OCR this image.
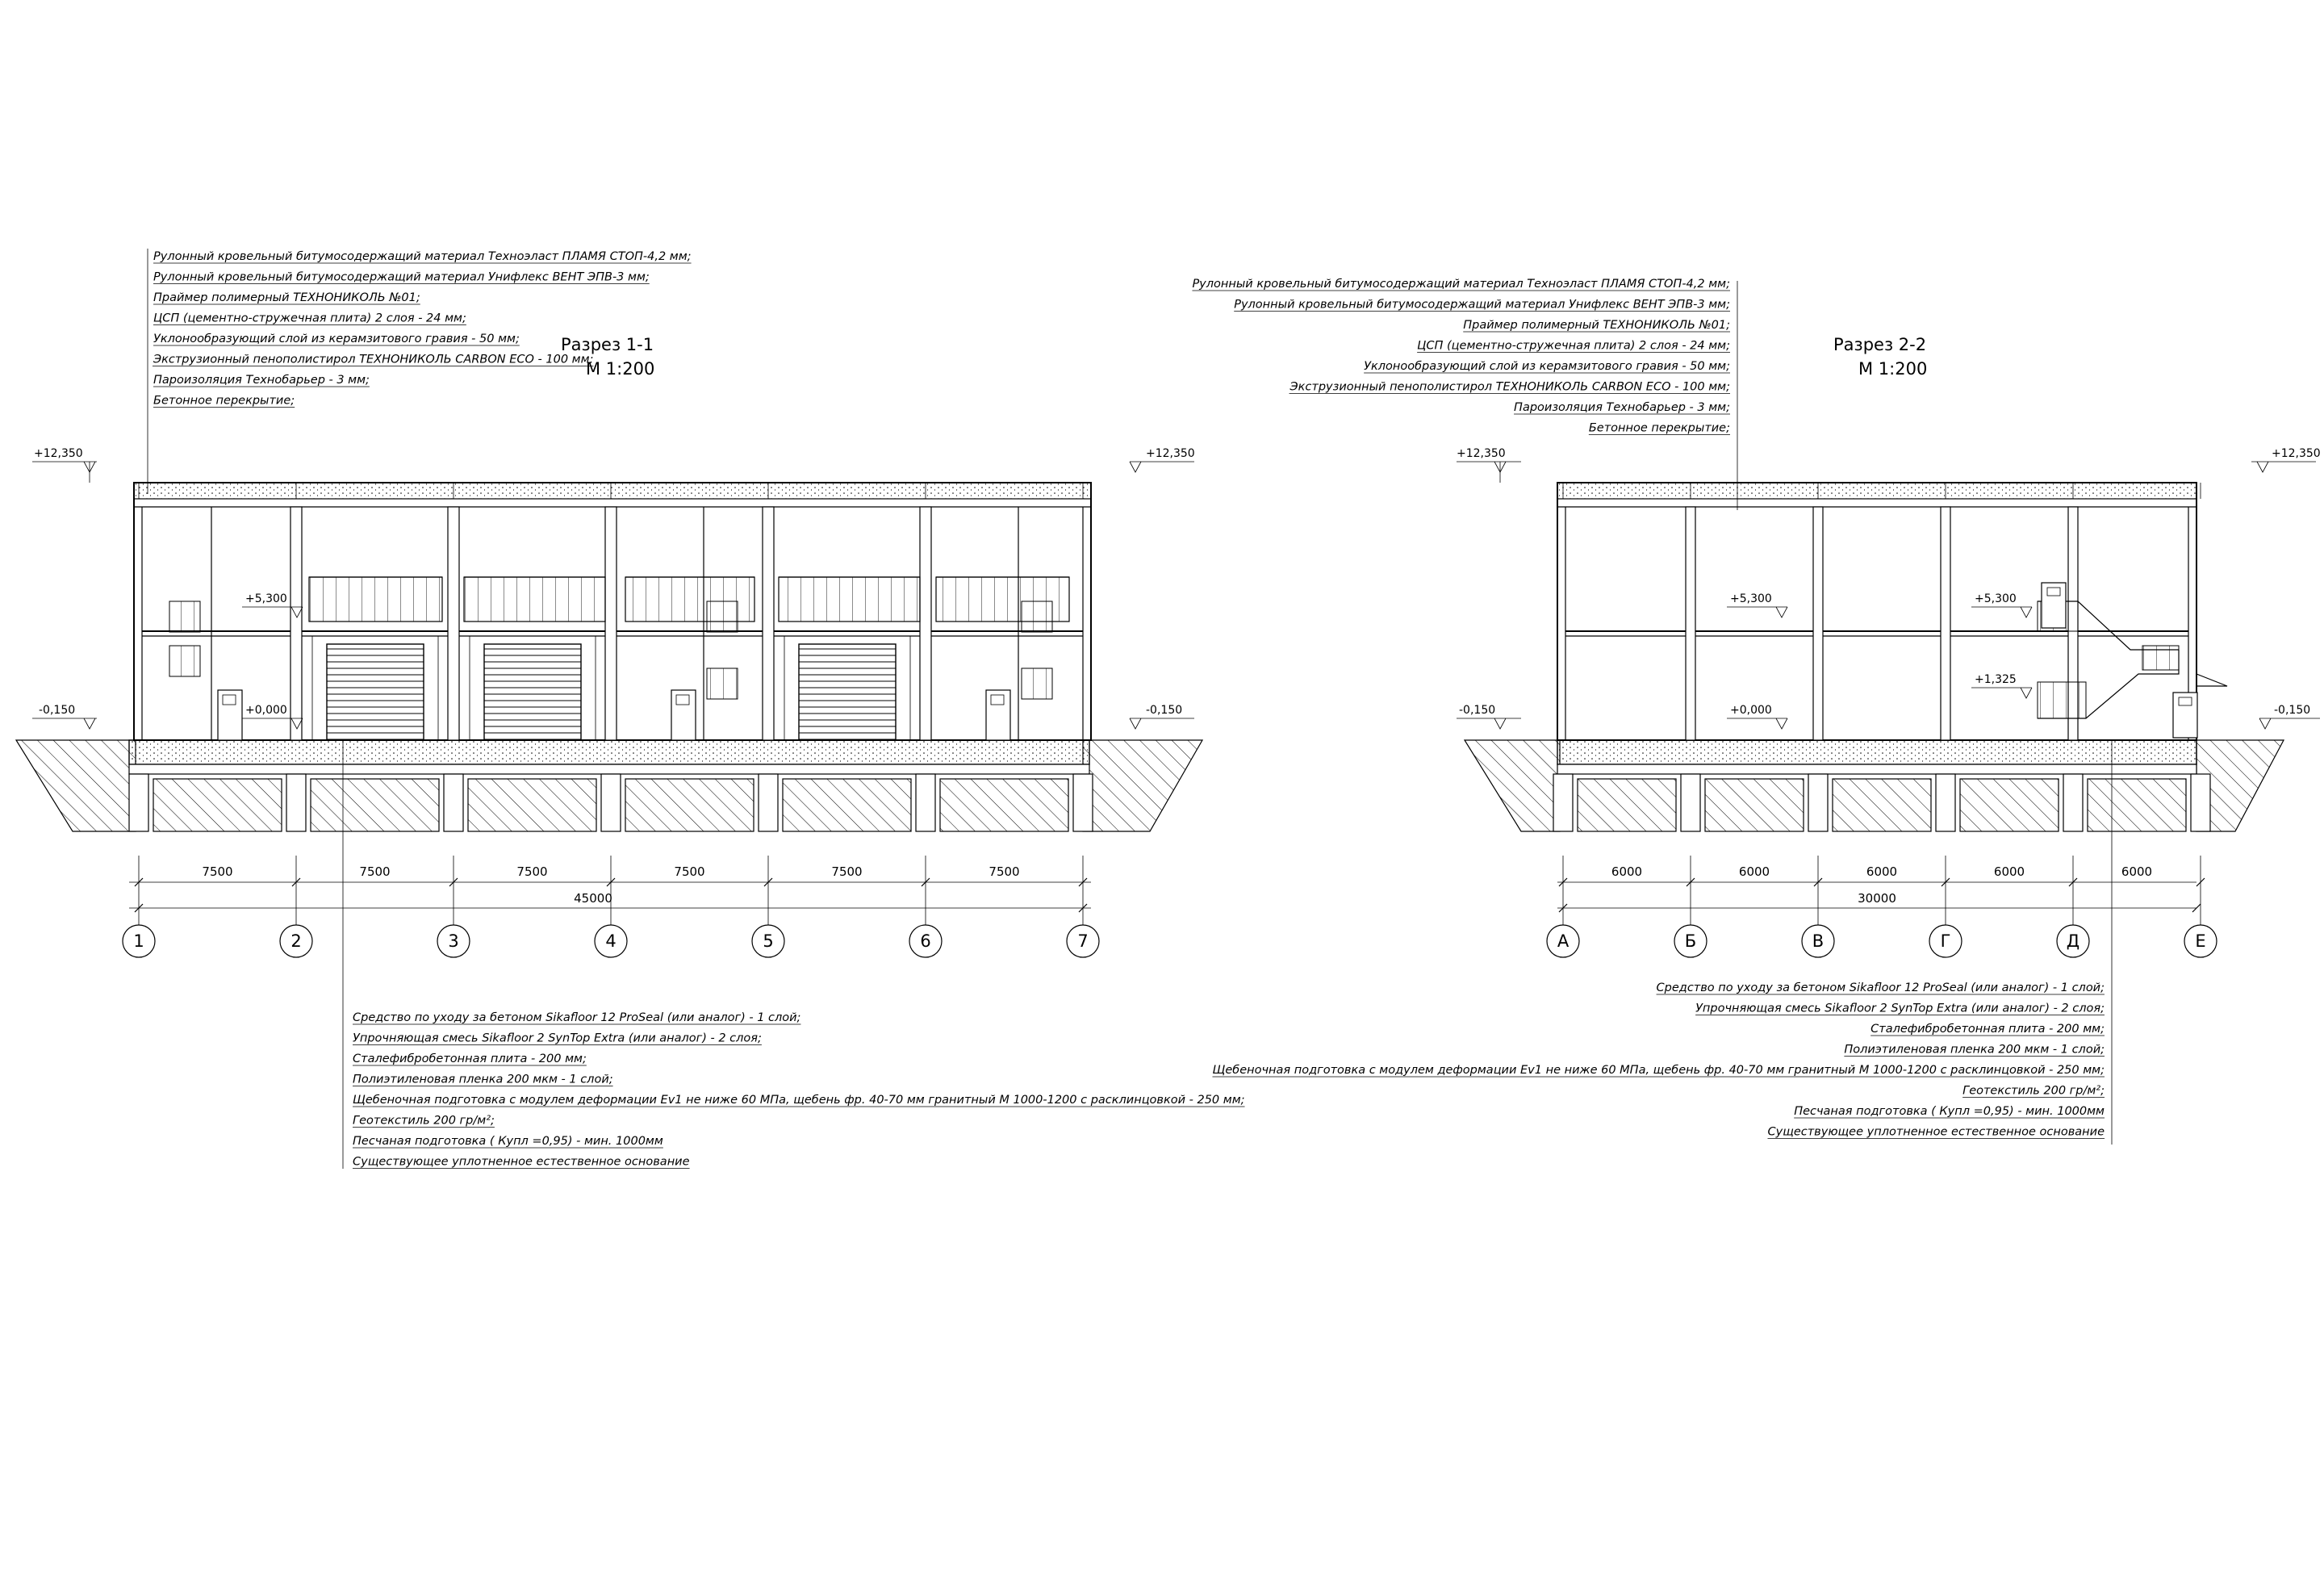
Рулонный кровельный битумосодержащий материал Техноэласт ПЛАМЯ СТОП-4,2 мм;
Рулонный кровельный битумосодержащий материал Унифлекс ВЕНТ ЭПВ-3 мм;
Праймер полимерный ТЕХНОНИКОЛЬ №01;
ЦСП (цементно-стружечная плита) 2 слоя - 24 мм;
Уклонообразующий слой из керамзитового гравия - 50 мм;
Экструзионный пенополистирол ТЕХНОНИКОЛЬ CARBON ECO - 100 мм;
Пароизоляция Технобарьер - 3 мм;
Бетонное перекрытие;
Разрез 1-1
М 1:200
+12,350	+12,350
-0,150	-0,150
+5,300
+0,000
7500	7500	7500	7500	7500	7500
45000
1	2	3	4	5	6	7
Средство по уходу за бетоном Sikafloor 12 ProSeal (или аналог) - 1 слой;
Упрочняющая смесь Sikafloor 2 SynTop Extra (или аналог) - 2 слоя;
Сталефибробетонная плита - 200 мм;
Полиэтиленовая пленка 200 мкм - 1 слой;
Щебеночная подготовка с модулем деформации Ev1 не ниже 60 МПа, щебень фр. 40-70 мм гранитный М 1000-1200 с расклинцовкой - 250 мм;
Геотекстиль 200 гр/м²;
Песчаная подготовка ( Купл =0,95) - мин. 1000мм
Существующее уплотненное естественное основание
Рулонный кровельный битумосодержащий материал Техноэласт ПЛАМЯ СТОП-4,2 мм;
Рулонный кровельный битумосодержащий материал Унифлекс ВЕНТ ЭПВ-3 мм;
Праймер полимерный ТЕХНОНИКОЛЬ №01;
ЦСП (цементно-стружечная плита) 2 слоя - 24 мм;
Уклонообразующий слой из керамзитового гравия - 50 мм;
Экструзионный пенополистирол ТЕХНОНИКОЛЬ CARBON ECO - 100 мм;
Пароизоляция Технобарьер - 3 мм;
Бетонное перекрытие;
Разрез 2-2
М 1:200
+12,350	+12,350
-0,150	-0,150
+5,300	+5,300
+1,325
+0,000
6000	6000	6000	6000	6000
30000
А	Б	В	Г	Д	Е
Средство по уходу за бетоном Sikafloor 12 ProSeal (или аналог) - 1 слой;
Упрочняющая смесь Sikafloor 2 SynTop Extra (или аналог) - 2 слоя;
Сталефибробетонная плита - 200 мм;
Полиэтиленовая пленка 200 мкм - 1 слой;
Щебеночная подготовка с модулем деформации Ev1 не ниже 60 МПа, щебень фр. 40-70 мм гранитный М 1000-1200 с расклинцовкой - 250 мм;
Геотекстиль 200 гр/м²;
Песчаная подготовка ( Купл =0,95) - мин. 1000мм
Существующее уплотненное естественное основание
